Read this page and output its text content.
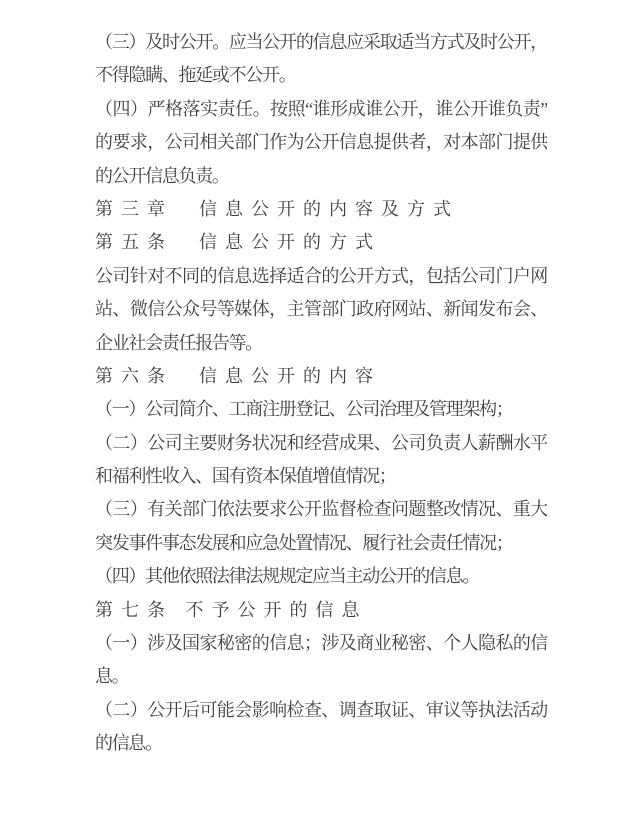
（三）及时公开。应当公开的信息应采取适当方式及时公开，
不得隐瞒、拖延或不公开。
（四）严格落实责任。按照“谁形成谁公开，谁公开谁负责”
的要求，公司相关部门作为公开信息提供者，对本部门提供
的公开信息负责。
第三章　信息公开的内容及方式
第五条　信息公开的方式
公司针对不同的信息选择适合的公开方式，包括公司门户网
站、微信公众号等媒体，主管部门政府网站、新闻发布会、
企业社会责任报告等。
第六条　信息公开的内容
（一）公司简介、工商注册登记、公司治理及管理架构；
（二）公司主要财务状况和经营成果、公司负责人薪酬水平
和福利性收入、国有资本保值增值情况；
（三）有关部门依法要求公开监督检查问题整改情况、重大
突发事件事态发展和应急处置情况、履行社会责任情况；
（四）其他依照法律法规规定应当主动公开的信息。
第七条 不予公开的信息
（一）涉及国家秘密的信息；涉及商业秘密、个人隐私的信
息。
（二）公开后可能会影响检查、调查取证、审议等执法活动
的信息。
